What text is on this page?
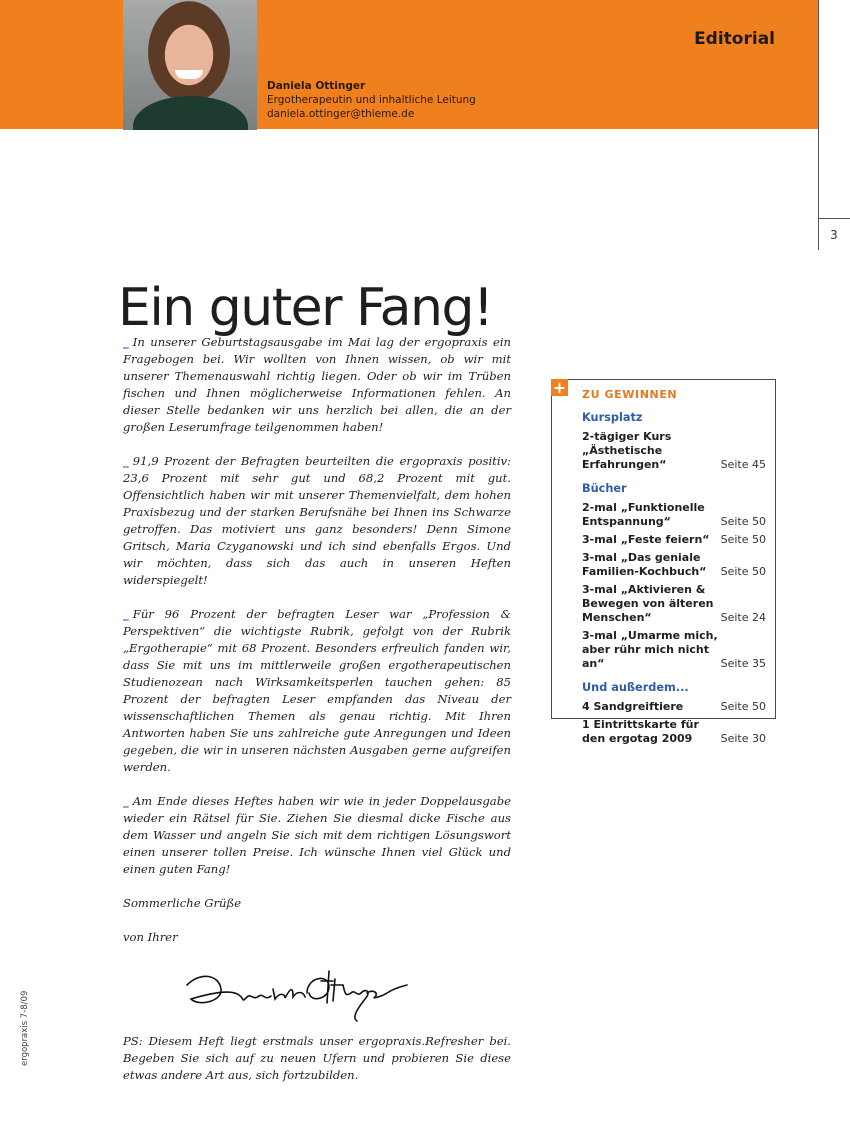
Daniela Ottinger
Ergotherapeutin und inhaltliche Leitung
daniela.ottinger@thieme.de
Editorial
3
Ein guter Fang!

_ In unserer Geburtstagsausgabe im Mai lag der ergopraxis ein Fragebogen bei. Wir wollten von Ihnen wissen, ob wir mit unserer Themenauswahl richtig liegen. Oder ob wir im Trüben fischen und Ihnen möglicherweise Informationen fehlen. An dieser Stelle bedanken wir uns herzlich bei allen, die an der großen Leserumfrage teilgenommen haben!

_ 91,9 Prozent der Befragten beurteilten die ergopraxis positiv: 23,6 Prozent mit sehr gut und 68,2 Prozent mit gut. Offensichtlich haben wir mit unserer Themenvielfalt, dem hohen Praxisbezug und der starken Berufsnähe bei Ihnen ins Schwarze getroffen. Das motiviert uns ganz besonders! Denn Simone Gritsch, Maria Czyganowski und ich sind ebenfalls Ergos. Und wir möchten, dass sich das auch in unseren Heften widerspiegelt!

_ Für 96 Prozent der befragten Leser war „Profession & Perspektiven“ die wichtigste Rubrik, gefolgt von der Rubrik „Ergotherapie“ mit 68 Prozent. Besonders erfreulich fanden wir, dass Sie mit uns im mittlerweile großen ergotherapeutischen Studienozean nach Wirksamkeitsperlen tauchen gehen: 85 Prozent der befragten Leser empfanden das Niveau der wissenschaftlichen Themen als genau richtig. Mit Ihren Antworten haben Sie uns zahlreiche gute Anregungen und Ideen gegeben, die wir in unseren nächsten Ausgaben gerne aufgreifen werden.

_ Am Ende dieses Heftes haben wir wie in jeder Doppelausgabe wieder ein Rätsel für Sie. Ziehen Sie diesmal dicke Fische aus dem Wasser und angeln Sie sich mit dem richtigen Lösungswort einen unserer tollen Preise. Ich wünsche Ihnen viel Glück und einen guten Fang!

Sommerliche Grüße

von Ihrer

PS: Diesem Heft liegt erstmals unser ergopraxis.Refresher bei. Begeben Sie sich auf zu neuen Ufern und probieren Sie diese etwas andere Art aus, sich fortzubilden.

ZU GEWINNEN
Kursplatz
2-tägiger Kurs „Ästhetische Erfahrungen“	Seite 45
Bücher
2-mal „Funktionelle Entspannung“	Seite 50
3-mal „Feste feiern“	Seite 50
3-mal „Das geniale Familien-Kochbuch“	Seite 50
3-mal „Aktivieren & Bewegen von älteren Menschen“	Seite 24
3-mal „Umarme mich, aber rühr mich nicht an“	Seite 35
Und außerdem...
4 Sandgreiftiere	Seite 50
1 Eintrittskarte für den ergotag 2009	Seite 30
+
ergopraxis 7-8/09
